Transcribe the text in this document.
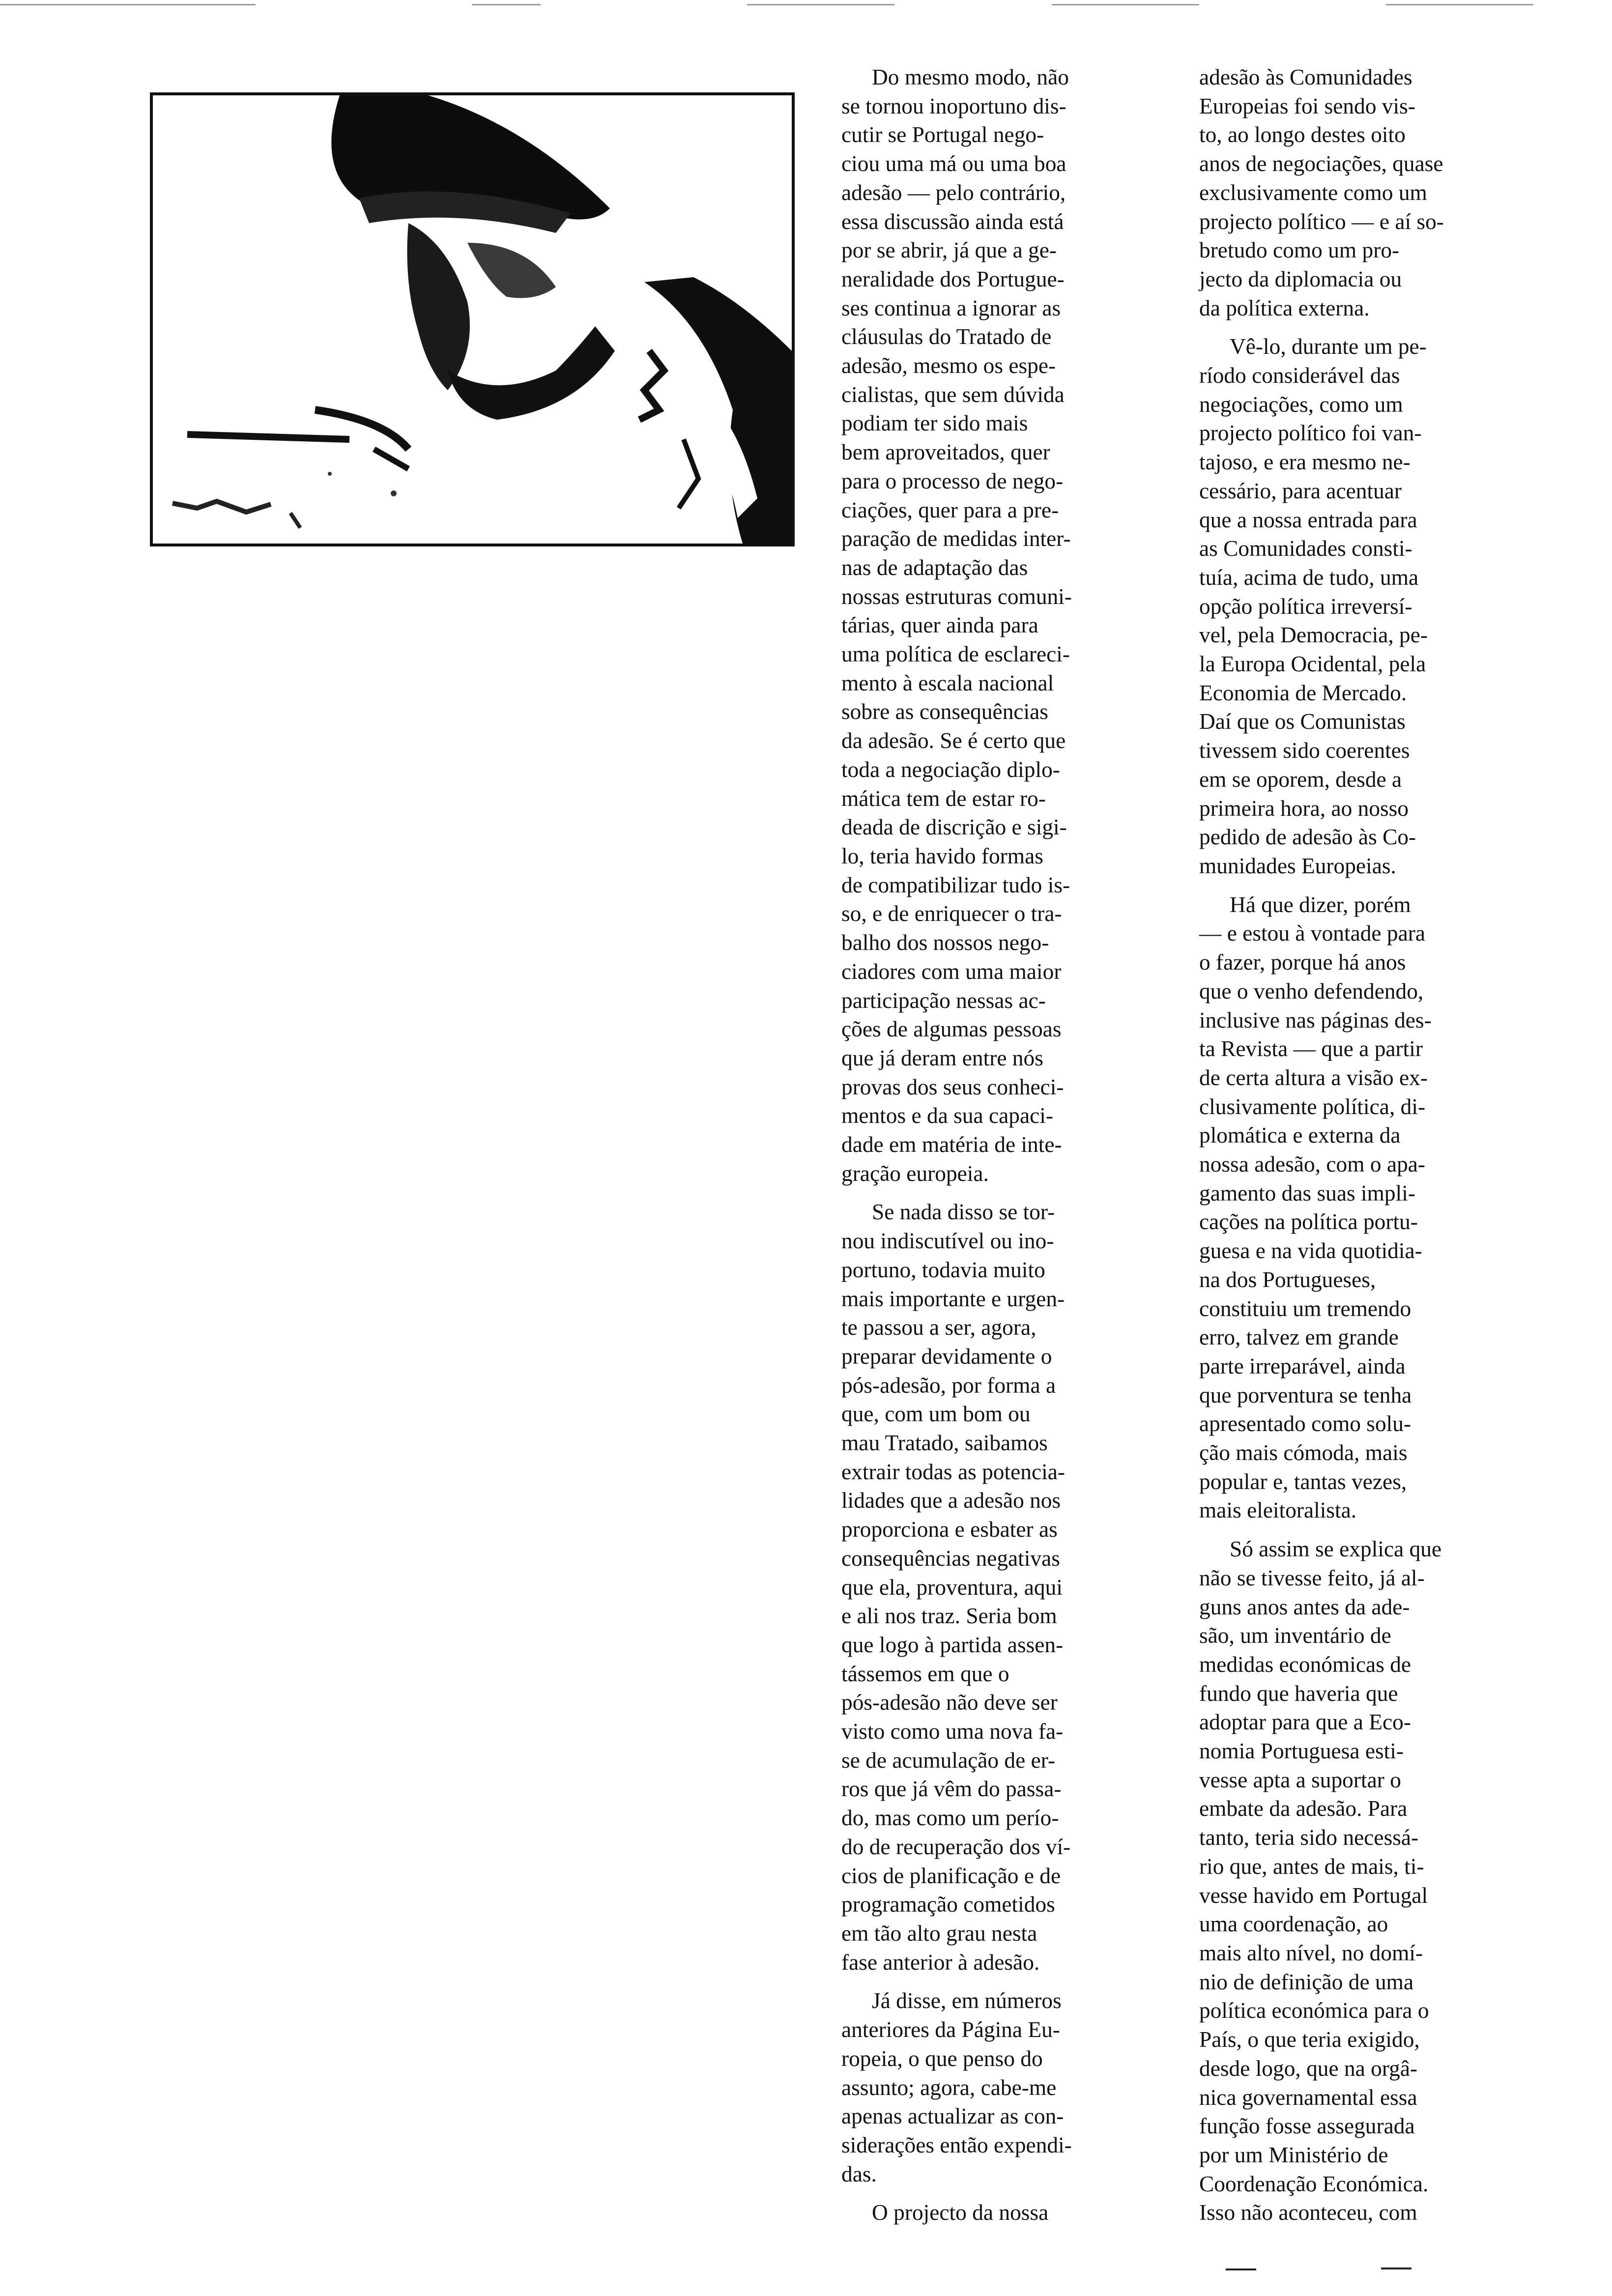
Do mesmo modo, não
se tornou inoportuno dis-
cutir se Portugal nego-
ciou uma má ou uma boa
adesão — pelo contrário,
essa discussão ainda está
por se abrir, já que a ge-
neralidade dos Portugue-
ses continua a ignorar as
cláusulas do Tratado de
adesão, mesmo os espe-
cialistas, que sem dúvida
podiam ter sido mais
bem aproveitados, quer
para o processo de nego-
ciações, quer para a pre-
paração de medidas inter-
nas de adaptação das
nossas estruturas comuni-
tárias, quer ainda para
uma política de esclareci-
mento à escala nacional
sobre as consequências
da adesão. Se é certo que
toda a negociação diplo-
mática tem de estar ro-
deada de discrição e sigi-
lo, teria havido formas
de compatibilizar tudo is-
so, e de enriquecer o tra-
balho dos nossos nego-
ciadores com uma maior
participação nessas ac-
ções de algumas pessoas
que já deram entre nós
provas dos seus conheci-
mentos e da sua capaci-
dade em matéria de inte-
gração europeia.

Se nada disso se tor-
nou indiscutível ou ino-
portuno, todavia muito
mais importante e urgen-
te passou a ser, agora,
preparar devidamente o
pós-adesão, por forma a
que, com um bom ou
mau Tratado, saibamos
extrair todas as potencia-
lidades que a adesão nos
proporciona e esbater as
consequências negativas
que ela, proventura, aqui
e ali nos traz. Seria bom
que logo à partida assen-
tássemos em que o
pós-adesão não deve ser
visto como uma nova fa-
se de acumulação de er-
ros que já vêm do passa-
do, mas como um perío-
do de recuperação dos ví-
cios de planificação e de
programação cometidos
em tão alto grau nesta
fase anterior à adesão.

Já disse, em números
anteriores da Página Eu-
ropeia, o que penso do
assunto; agora, cabe-me
apenas actualizar as con-
siderações então expendi-
das.

O projecto da nossa

adesão às Comunidades
Europeias foi sendo vis-
to, ao longo destes oito
anos de negociações, quase
exclusivamente como um
projecto político — e aí so-
bretudo como um pro-
jecto da diplomacia ou
da política externa.

Vê-lo, durante um pe-
ríodo considerável das
negociações, como um
projecto político foi van-
tajoso, e era mesmo ne-
cessário, para acentuar
que a nossa entrada para
as Comunidades consti-
tuía, acima de tudo, uma
opção política irreversí-
vel, pela Democracia, pe-
la Europa Ocidental, pela
Economia de Mercado.
Daí que os Comunistas
tivessem sido coerentes
em se oporem, desde a
primeira hora, ao nosso
pedido de adesão às Co-
munidades Europeias.

Há que dizer, porém
— e estou à vontade para
o fazer, porque há anos
que o venho defendendo,
inclusive nas páginas des-
ta Revista — que a partir
de certa altura a visão ex-
clusivamente política, di-
plomática e externa da
nossa adesão, com o apa-
gamento das suas impli-
cações na política portu-
guesa e na vida quotidia-
na dos Portugueses,
constituiu um tremendo
erro, talvez em grande
parte irreparável, ainda
que porventura se tenha
apresentado como solu-
ção mais cómoda, mais
popular e, tantas vezes,
mais eleitoralista.

Só assim se explica que
não se tivesse feito, já al-
guns anos antes da ade-
são, um inventário de
medidas económicas de
fundo que haveria que
adoptar para que a Eco-
nomia Portuguesa esti-
vesse apta a suportar o
embate da adesão. Para
tanto, teria sido necessá-
rio que, antes de mais, ti-
vesse havido em Portugal
uma coordenação, ao
mais alto nível, no domí-
nio de definição de uma
política económica para o
País, o que teria exigido,
desde logo, que na orgâ-
nica governamental essa
função fosse assegurada
por um Ministério de
Coordenação Económica.
Isso não aconteceu, com
